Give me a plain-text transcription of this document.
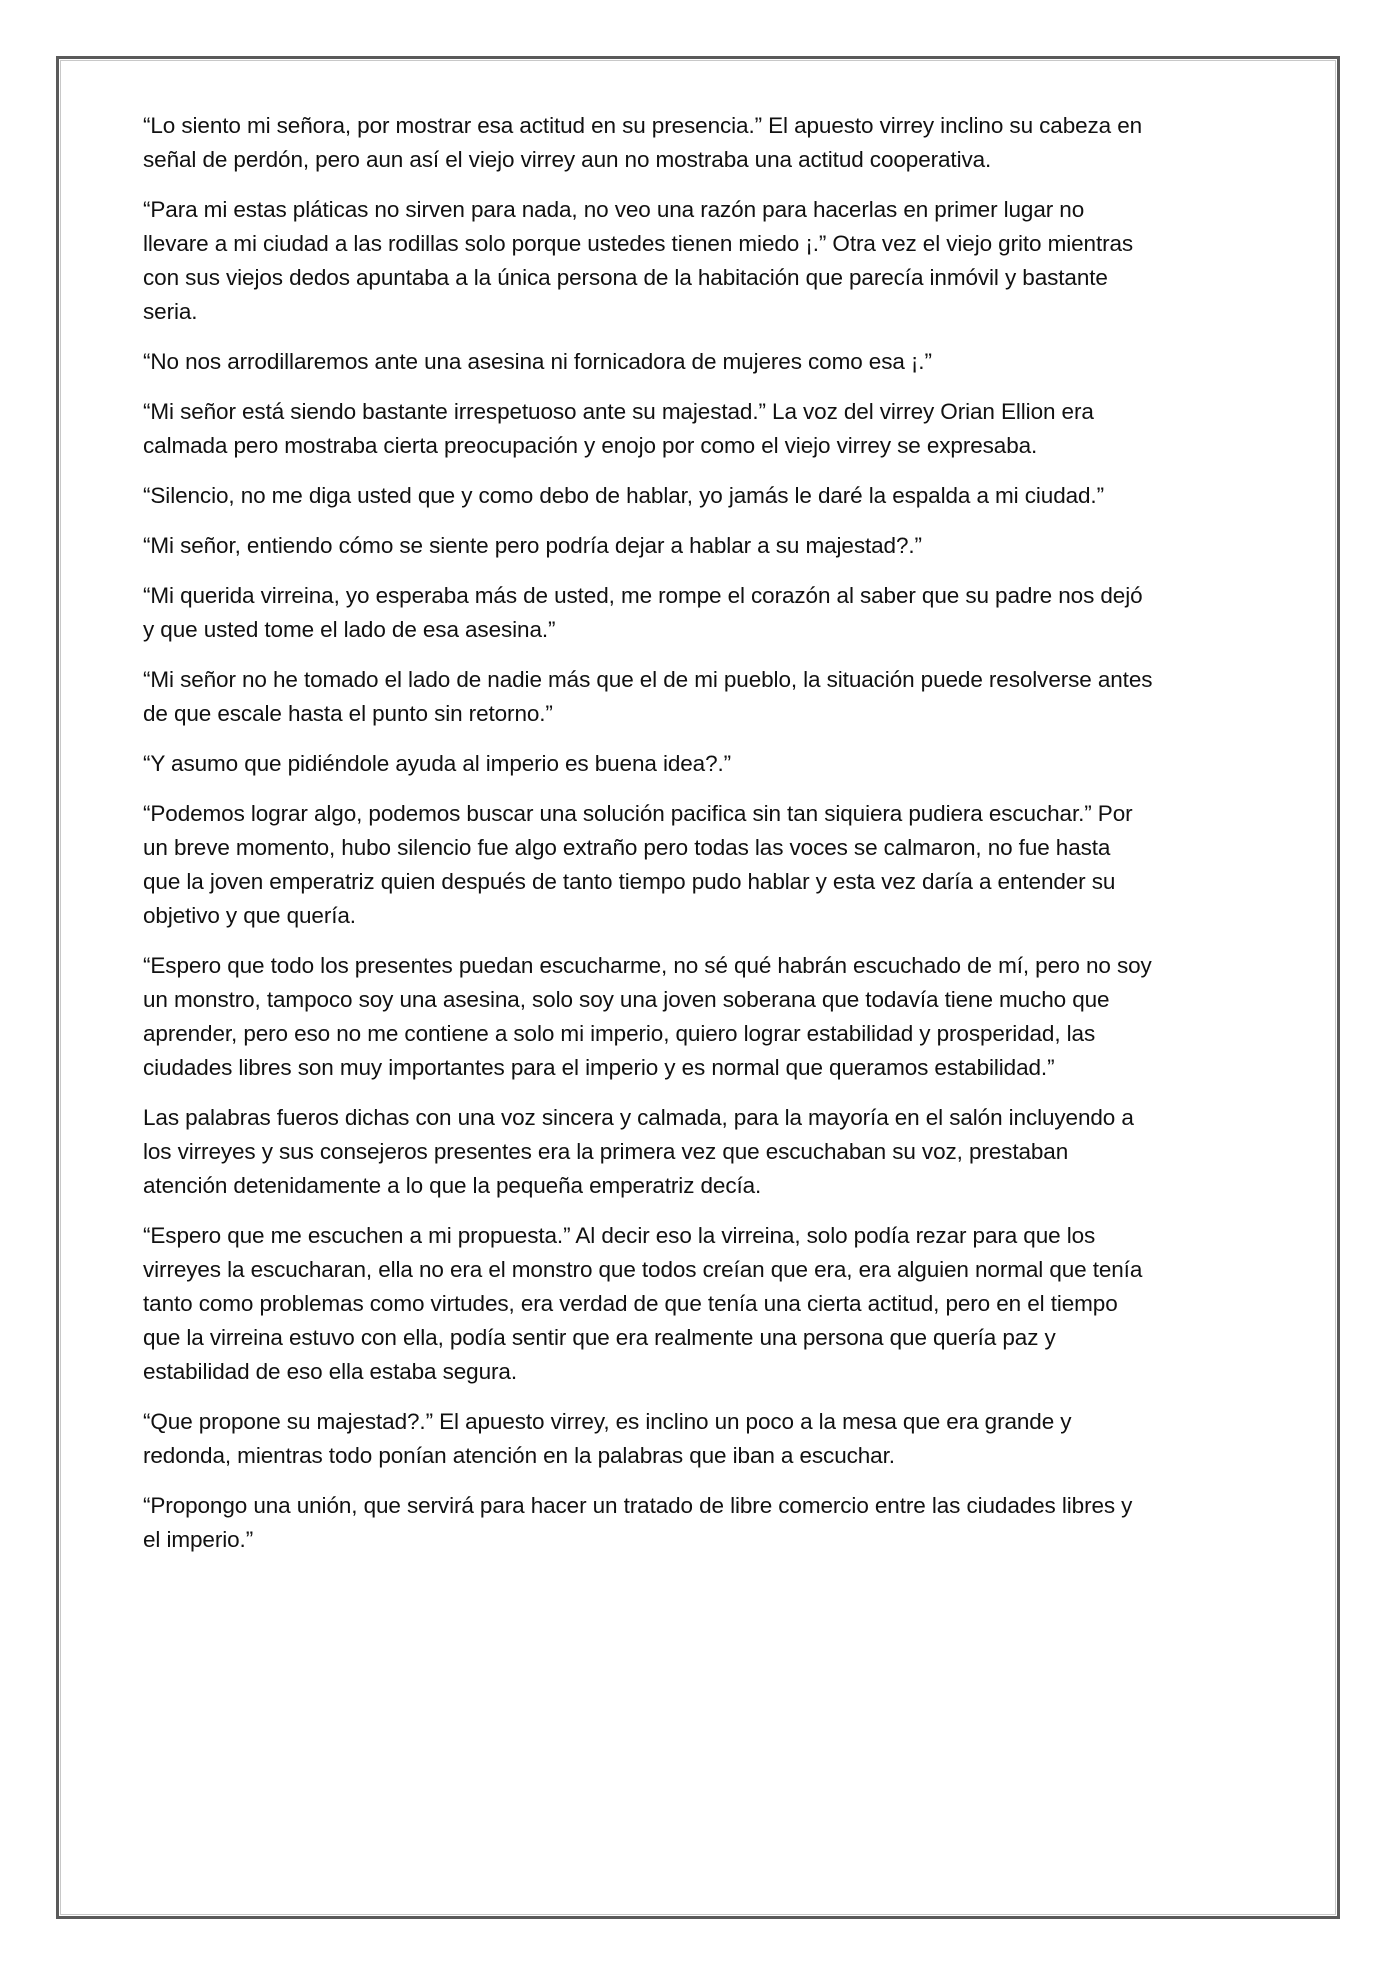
“Lo siento mi señora, por mostrar esa actitud en su presencia.” El apuesto virrey inclino su cabeza en señal de perdón, pero aun así el viejo virrey aun no mostraba una actitud cooperativa.

“Para mi estas pláticas no sirven para nada, no veo una razón para hacerlas en primer lugar no llevare a mi ciudad a las rodillas solo porque ustedes tienen miedo ¡.” Otra vez el viejo grito mientras con sus viejos dedos apuntaba a la única persona de la habitación que parecía inmóvil y bastante seria.

“No nos arrodillaremos ante una asesina ni fornicadora de mujeres como esa ¡.”

“Mi señor está siendo bastante irrespetuoso ante su majestad.” La voz del virrey Orian Ellion era calmada pero mostraba cierta preocupación y enojo por como el viejo virrey se expresaba.

“Silencio, no me diga usted que y como debo de hablar, yo jamás le daré la espalda a mi ciudad.”

“Mi señor, entiendo cómo se siente pero podría dejar a hablar a su majestad?.”

“Mi querida virreina, yo esperaba más de usted, me rompe el corazón al saber que su padre nos dejó y que usted tome el lado de esa asesina.”

“Mi señor no he tomado el lado de nadie más que el de mi pueblo, la situación puede resolverse antes de que escale hasta el punto sin retorno.”

“Y asumo que pidiéndole ayuda al imperio es buena idea?.”

“Podemos lograr algo, podemos buscar una solución pacifica sin tan siquiera pudiera escuchar.” Por un breve momento, hubo silencio fue algo extraño pero todas las voces se calmaron, no fue hasta que la joven emperatriz quien después de tanto tiempo pudo hablar y esta vez daría a entender su objetivo y que quería.

“Espero que todo los presentes puedan escucharme, no sé qué habrán escuchado de mí, pero no soy un monstro, tampoco soy una asesina, solo soy una joven soberana que todavía tiene mucho que aprender, pero eso no me contiene a solo mi imperio, quiero lograr estabilidad y prosperidad, las ciudades libres son muy importantes para el imperio y es normal que queramos estabilidad.”

Las palabras fueros dichas con una voz sincera y calmada, para la mayoría en el salón incluyendo a los virreyes y sus consejeros presentes era la primera vez que escuchaban su voz, prestaban atención detenidamente a lo que la pequeña emperatriz decía.

“Espero que me escuchen a mi propuesta.” Al decir eso la virreina, solo podía rezar para que los virreyes la escucharan, ella no era el monstro que todos creían que era, era alguien normal que tenía tanto como problemas como virtudes, era verdad de que tenía una cierta actitud, pero en el tiempo que la virreina estuvo con ella, podía sentir que era realmente una persona que quería paz y estabilidad de eso ella estaba segura.

“Que propone su majestad?.” El apuesto virrey, es inclino un poco a la mesa que era grande y redonda, mientras todo ponían atención en la palabras que iban a escuchar.

“Propongo una unión, que servirá para hacer un tratado de libre comercio entre las ciudades libres y el imperio.”
